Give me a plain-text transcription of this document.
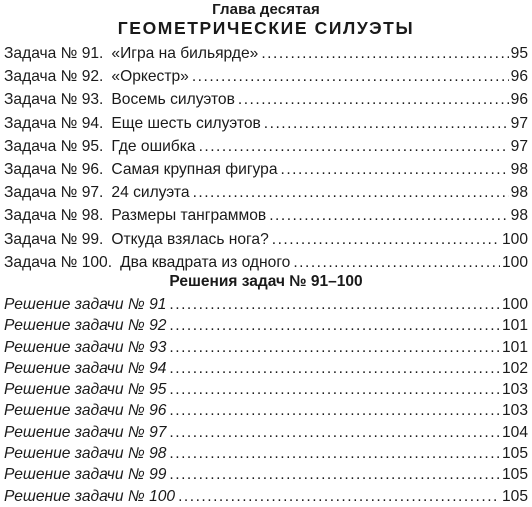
Глава десятая
ГЕОМЕТРИЧЕСКИЕ СИЛУЭТЫ
Задача № 91. «Игра на бильярде» .....	95
Задача № 92. «Оркестр» .....	96
Задача № 93. Восемь силуэтов .....	96
Задача № 94. Еще шесть силуэтов .....	97
Задача № 95. Где ошибка .....	97
Задача № 96. Самая крупная фигура .....	98
Задача № 97. 24 силуэта .....	98
Задача № 98. Размеры танграммов .....	98
Задача № 99. Откуда взялась нога? .....	100
Задача № 100. Два квадрата из одного .....	100
Решения задач № 91–100
Решение задачи № 91 .....	100
Решение задачи № 92 .....	101
Решение задачи № 93 .....	101
Решение задачи № 94 .....	102
Решение задачи № 95 .....	103
Решение задачи № 96 .....	103
Решение задачи № 97 .....	104
Решение задачи № 98 .....	105
Решение задачи № 99 .....	105
Решение задачи № 100 .....	105
